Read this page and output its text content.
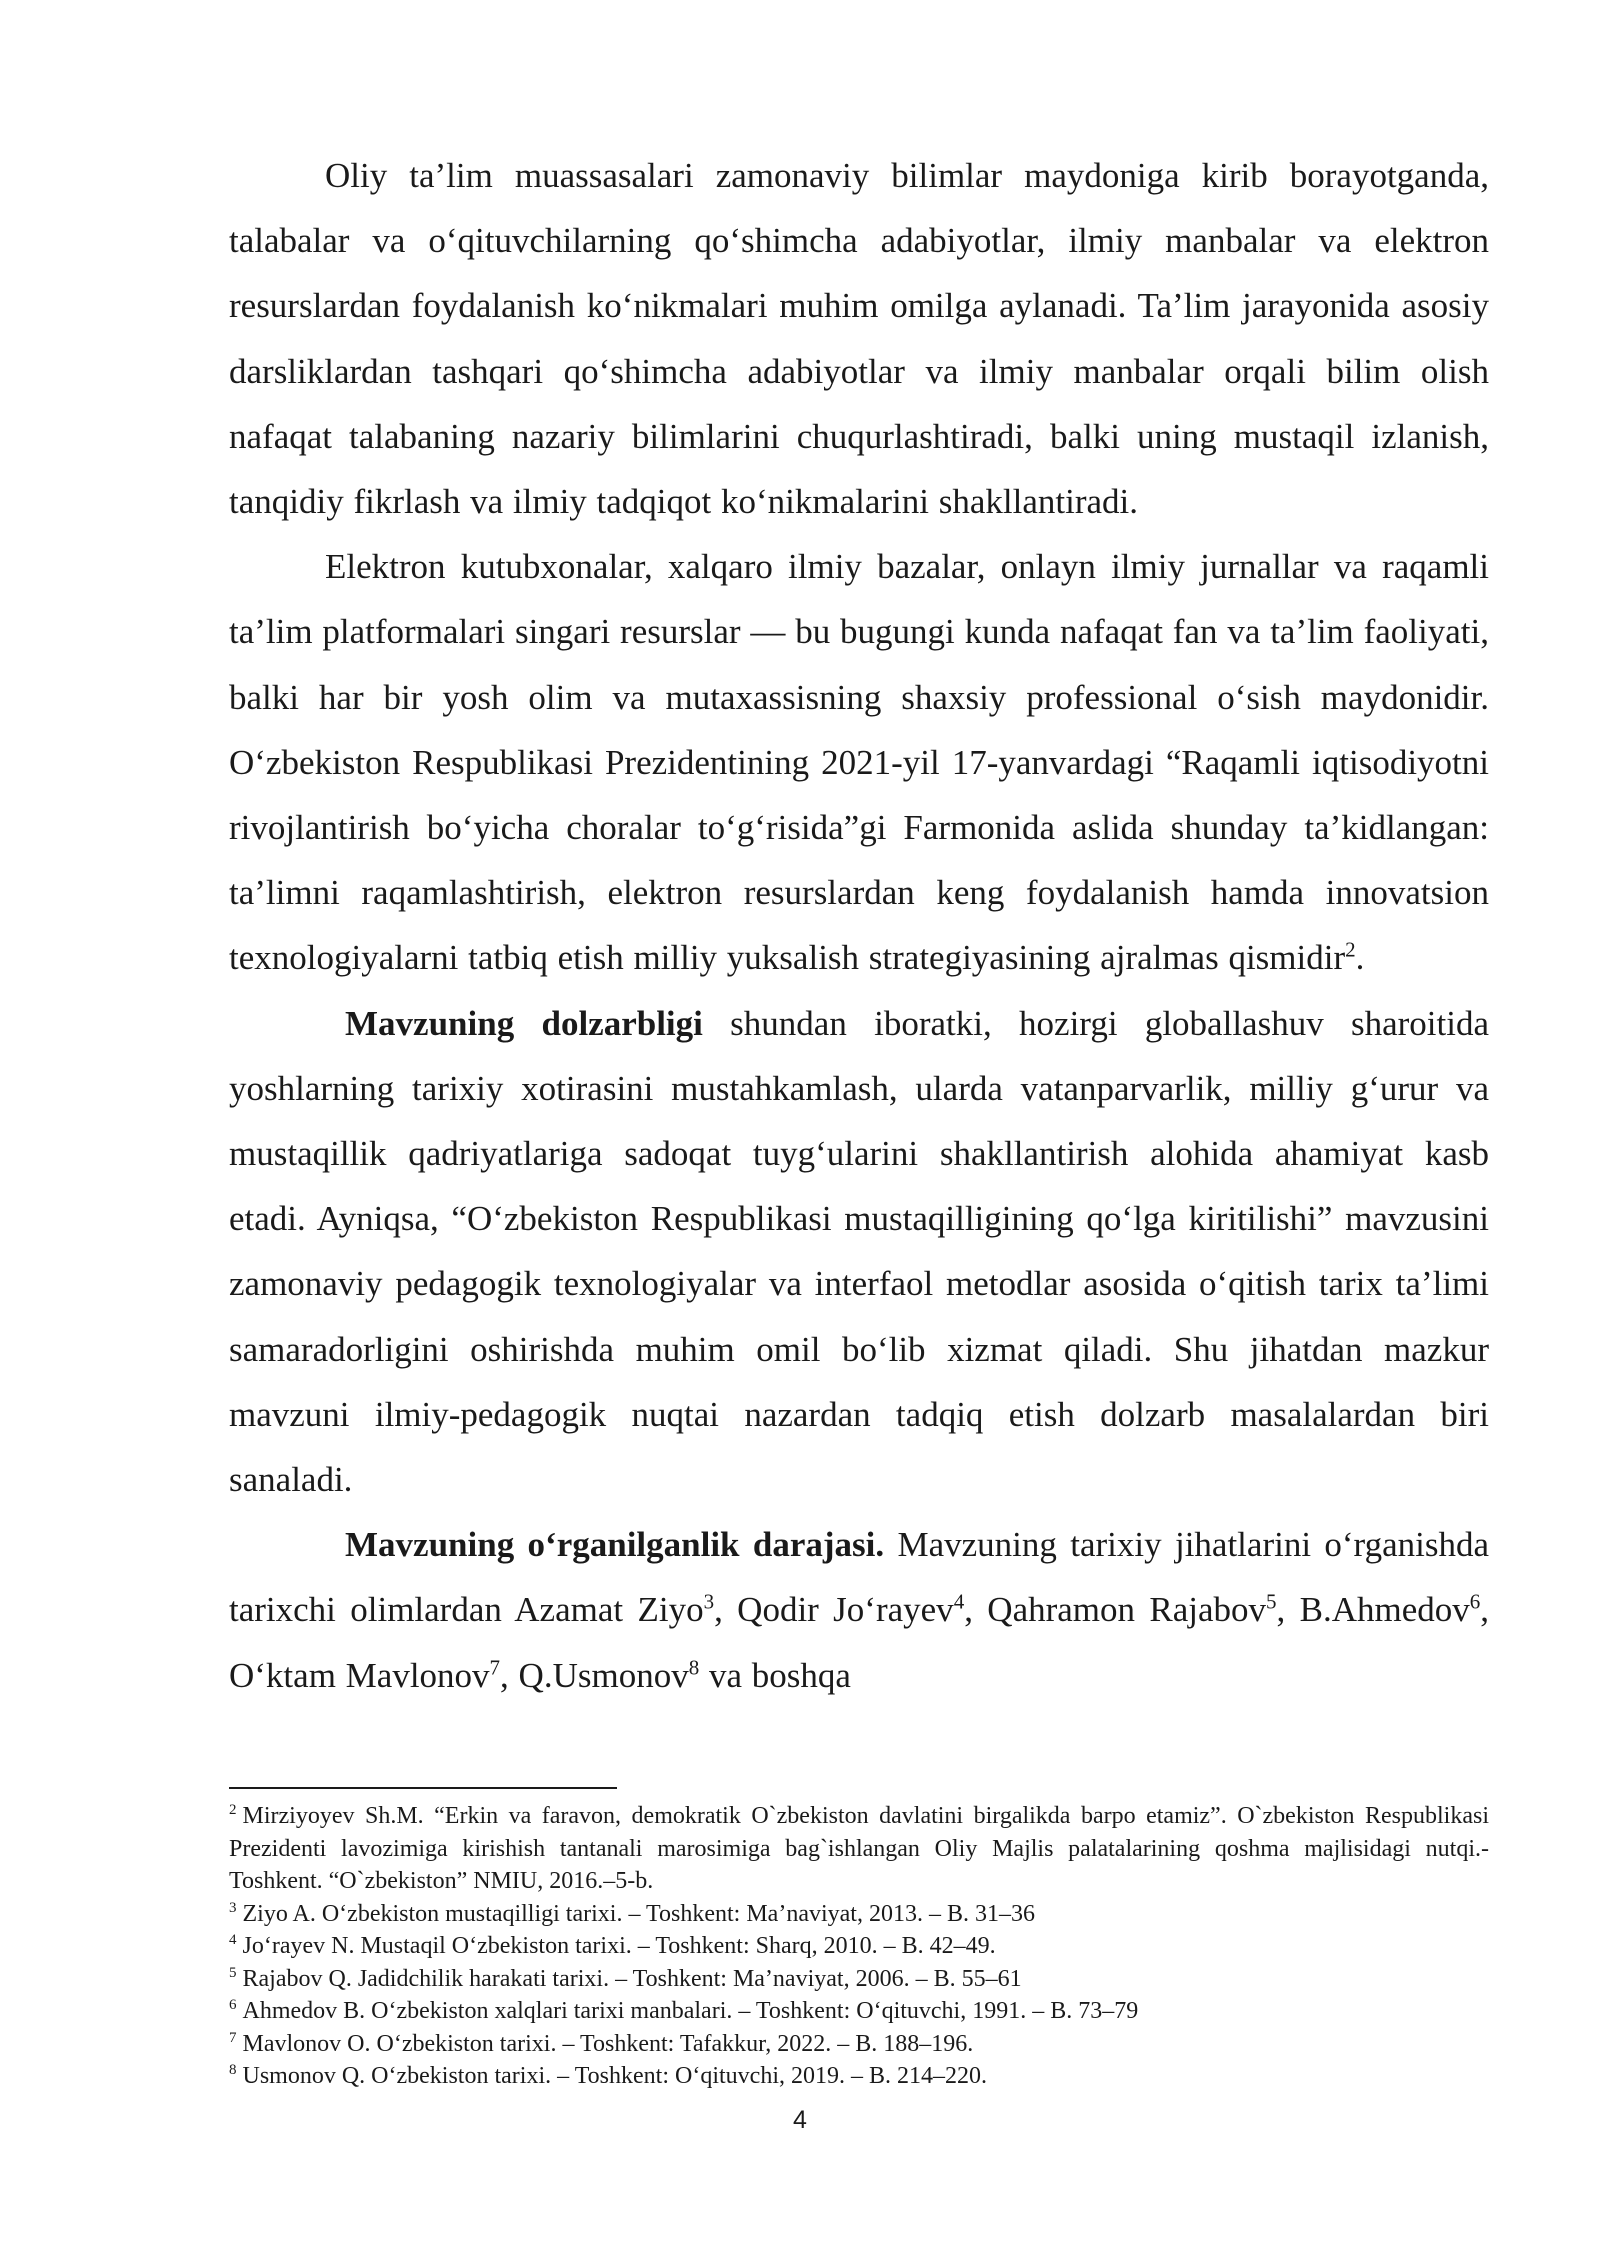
Oliy ta’lim muassasalari zamonaviy bilimlar maydoniga kirib borayotganda, talabalar va o‘qituvchilarning qo‘shimcha adabiyotlar, ilmiy manbalar va elektron resurslardan foydalanish ko‘nikmalari muhim omilga aylanadi. Ta’lim jarayonida asosiy darsliklardan tashqari qo‘shimcha adabiyotlar va ilmiy manbalar orqali bilim olish nafaqat talabaning nazariy bilimlarini chuqurlashtiradi, balki uning mustaqil izlanish, tanqidiy fikrlash va ilmiy tadqiqot ko‘nikmalarini shakllantiradi.

Elektron kutubxonalar, xalqaro ilmiy bazalar, onlayn ilmiy jurnallar va raqamli ta’lim platformalari singari resurslar — bu bugungi kunda nafaqat fan va ta’lim faoliyati, balki har bir yosh olim va mutaxassisning shaxsiy professional o‘sish maydonidir. O‘zbekiston Respublikasi Prezidentining 2021-yil 17-yanvardagi “Raqamli iqtisodiyotni rivojlantirish bo‘yicha choralar to‘g‘risida”gi Farmonida aslida shunday ta’kidlangan: ta’limni raqamlashtirish, elektron resurslardan keng foydalanish hamda innovatsion texnologiyalarni tatbiq etish milliy yuksalish strategiyasining ajralmas qismidir$^2$.

Mavzuning dolzarbligi shundan iboratki, hozirgi globallashuv sharoitida yoshlarning tarixiy xotirasini mustahkamlash, ularda vatanparvarlik, milliy g‘urur va mustaqillik qadriyatlariga sadoqat tuyg‘ularini shakllantirish alohida ahamiyat kasb etadi. Ayniqsa, “O‘zbekiston Respublikasi mustaqilligining qo‘lga kiritilishi” mavzusini zamonaviy pedagogik texnologiyalar va interfaol metodlar asosida o‘qitish tarix ta’limi samaradorligini oshirishda muhim omil bo‘lib xizmat qiladi. Shu jihatdan mazkur mavzuni ilmiy-pedagogik nuqtai nazardan tadqiq etish dolzarb masalalardan biri sanaladi.

Mavzuning o‘rganilganlik darajasi. Mavzuning tarixiy jihatlarini o‘rganishda tarixchi olimlardan Azamat Ziyo$^3$, Qodir Jo‘rayev$^4$, Qahramon Rajabov$^5$, B.Ahmedov$^6$, O‘ktam Mavlonov$^7$, Q.Usmonov$^8$ va boshqa

$^2$ Mirziyoyev Sh.M. “Erkin va faravon, demokratik O`zbekiston davlatini birgalikda barpo etamiz”. O`zbekiston Respublikasi Prezidenti lavozimiga kirishish tantanali marosimiga bag`ishlangan Oliy Majlis palatalarining qoshma majlisidagi nutqi.- Toshkent. “O`zbekiston” NMIU, 2016.–5-b.

$^3$ Ziyo A. O‘zbekiston mustaqilligi tarixi. – Toshkent: Ma’naviyat, 2013. – B. 31–36

$^4$ Jo‘rayev N. Mustaqil O‘zbekiston tarixi. – Toshkent: Sharq, 2010. – B. 42–49.

$^5$ Rajabov Q. Jadidchilik harakati tarixi. – Toshkent: Ma’naviyat, 2006. – B. 55–61

$^6$ Ahmedov B. O‘zbekiston xalqlari tarixi manbalari. – Toshkent: O‘qituvchi, 1991. – B. 73–79

$^7$ Mavlonov O. O‘zbekiston tarixi. – Toshkent: Tafakkur, 2022. – B. 188–196.

$^8$ Usmonov Q. O‘zbekiston tarixi. – Toshkent: O‘qituvchi, 2019. – B. 214–220.

4
